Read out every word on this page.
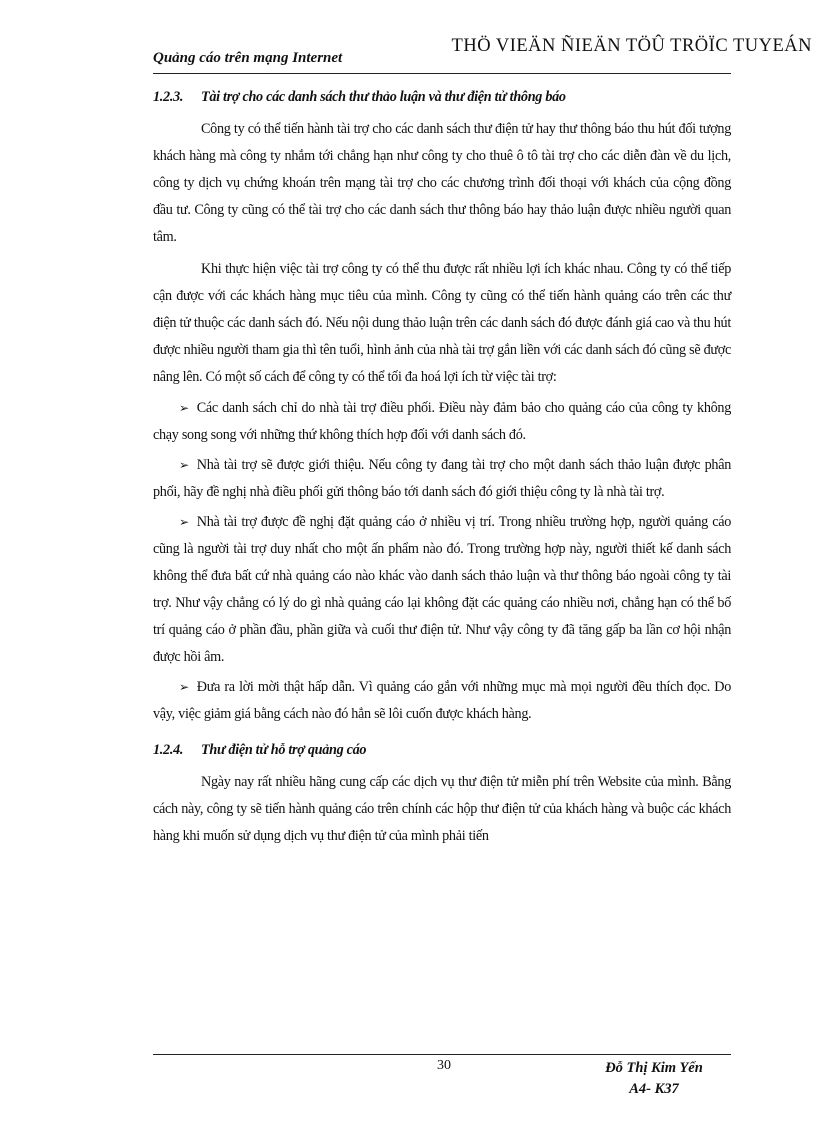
THÖ VIEÄN ÑIEÄN TÖÛ TRÖÏC TUYEÁN
Quảng cáo trên mạng Internet

1.2.3. Tài trợ cho các danh sách thư thảo luận và thư điện tử thông báo

Công ty có thể tiến hành tài trợ cho các danh sách thư điện tử hay thư thông báo thu hút đối tượng khách hàng mà công ty nhắm tới chẳng hạn như công ty cho thuê ô tô tài trợ cho các diễn đàn về du lịch, công ty dịch vụ chứng khoán trên mạng tài trợ cho các chương trình đối thoại với khách của cộng đồng đầu tư. Công ty cũng có thể tài trợ cho các danh sách thư thông báo hay thảo luận được nhiều người quan tâm.

Khi thực hiện việc tài trợ công ty có thể thu được rất nhiều lợi ích khác nhau. Công ty có thể tiếp cận được với các khách hàng mục tiêu của mình. Công ty cũng có thể tiến hành quảng cáo trên các thư điện tử thuộc các danh sách đó. Nếu nội dung thảo luận trên các danh sách đó được đánh giá cao và thu hút được nhiều người tham gia thì tên tuổi, hình ảnh của nhà tài trợ gắn liền với các danh sách đó cũng sẽ được nâng lên. Có một số cách để công ty có thể tối đa hoá lợi ích từ việc tài trợ:

➢ Các danh sách chỉ do nhà tài trợ điều phối. Điều này đảm bảo cho quảng cáo của công ty không chạy song song với những thứ không thích hợp đối với danh sách đó.

➢ Nhà tài trợ sẽ được giới thiệu. Nếu công ty đang tài trợ cho một danh sách thảo luận được phân phối, hãy đề nghị nhà điều phối gửi thông báo tới danh sách đó giới thiệu công ty là nhà tài trợ.

➢ Nhà tài trợ được đề nghị đặt quảng cáo ở nhiều vị trí. Trong nhiều trường hợp, người quảng cáo cũng là người tài trợ duy nhất cho một ấn phẩm nào đó. Trong trường hợp này, người thiết kế danh sách không thể đưa bất cứ nhà quảng cáo nào khác vào danh sách thảo luận và thư thông báo ngoài công ty tài trợ. Như vậy chẳng có lý do gì nhà quảng cáo lại không đặt các quảng cáo nhiều nơi, chẳng hạn có thể bố trí quảng cáo ở phần đầu, phần giữa và cuối thư điện tử. Như vậy công ty đã tăng gấp ba lần cơ hội nhận được hồi âm.

➢ Đưa ra lời mời thật hấp dẫn. Vì quảng cáo gắn với những mục mà mọi người đều thích đọc. Do vậy, việc giảm giá bằng cách nào đó hẳn sẽ lôi cuốn được khách hàng.

1.2.4. Thư điện tử hỗ trợ quảng cáo

Ngày nay rất nhiều hãng cung cấp các dịch vụ thư điện tử miễn phí trên Website của mình. Bằng cách này, công ty sẽ tiến hành quảng cáo trên chính các hộp thư điện tử của khách hàng và buộc các khách hàng khi muốn sử dụng dịch vụ thư điện tử của mình phải tiến

30	Đỗ Thị Kim Yến
A4- K37
